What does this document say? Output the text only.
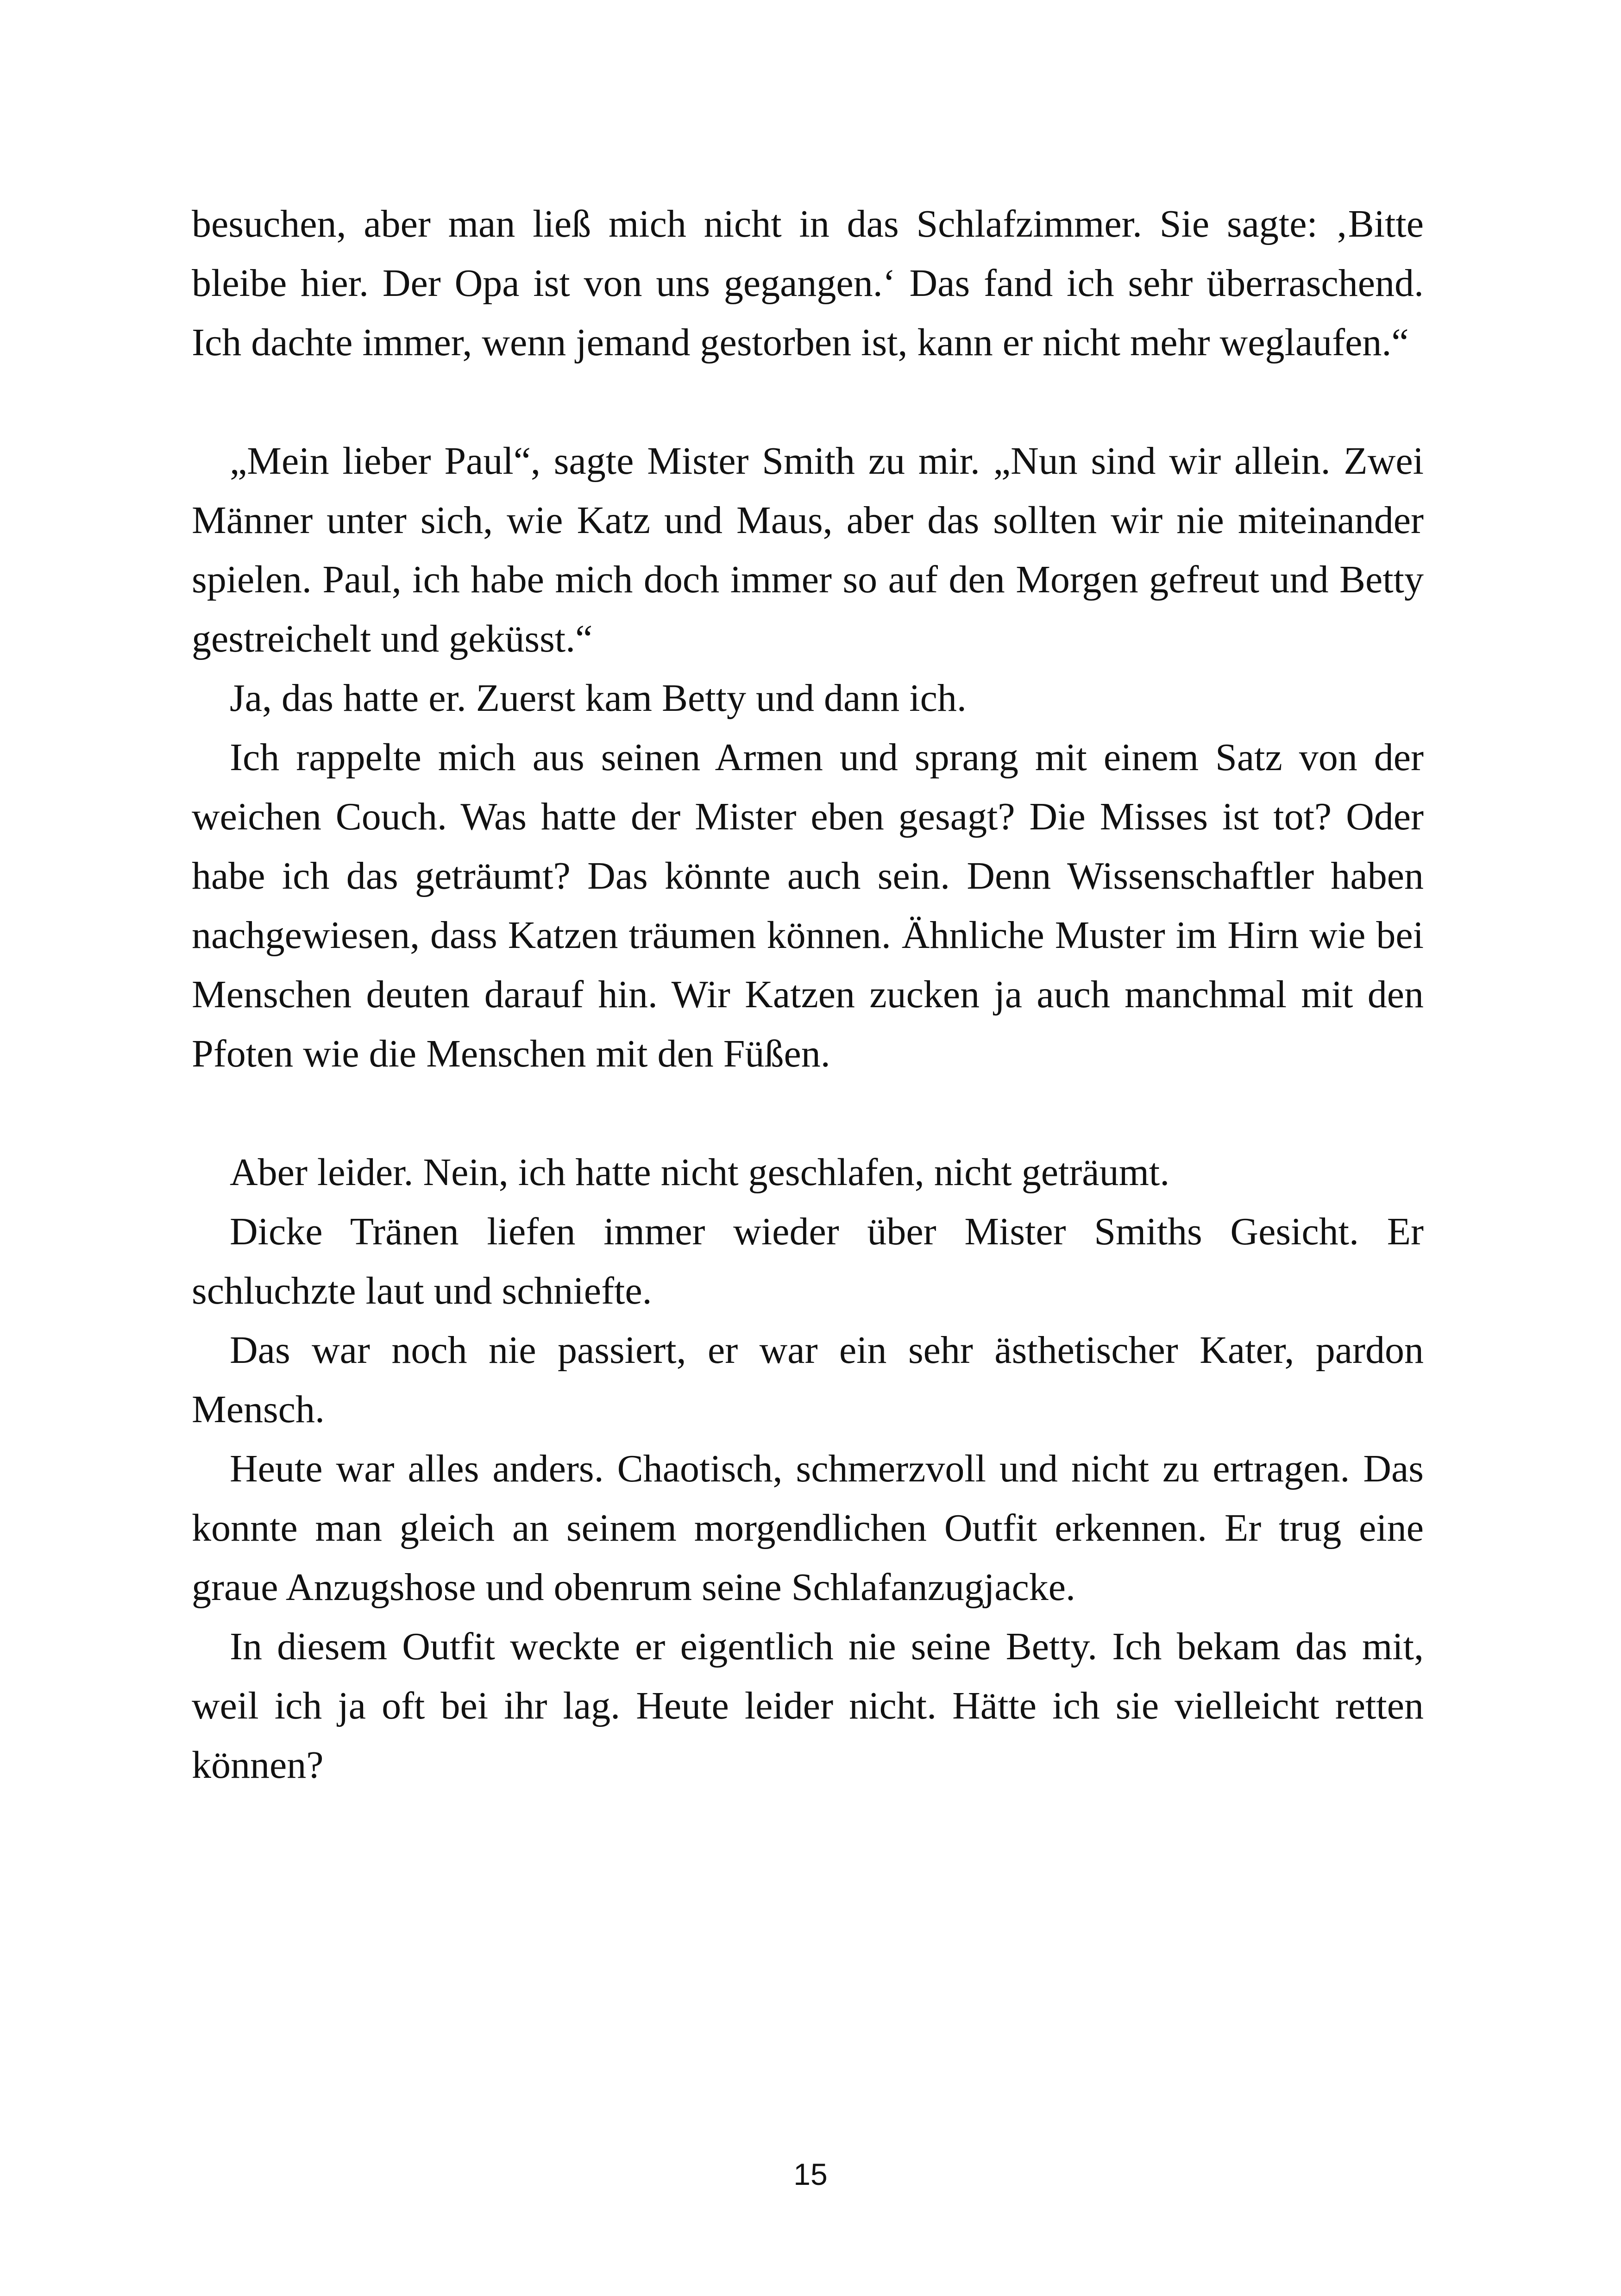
besuchen, aber man ließ mich nicht in das Schlafzimmer. Sie sagte: ‚Bitte bleibe hier. Der Opa ist von uns gegangen.‘ Das fand ich sehr überraschend. Ich dachte immer, wenn jemand gestorben ist, kann er nicht mehr weglaufen.“

„Mein lieber Paul“, sagte Mister Smith zu mir. „Nun sind wir allein. Zwei Männer unter sich, wie Katz und Maus, aber das sollten wir nie miteinander spielen. Paul, ich habe mich doch immer so auf den Morgen gefreut und Betty gestreichelt und geküsst.“

Ja, das hatte er. Zuerst kam Betty und dann ich.

Ich rappelte mich aus seinen Armen und sprang mit einem Satz von der weichen Couch. Was hatte der Mister eben gesagt? Die Misses ist tot? Oder habe ich das geträumt? Das könnte auch sein. Denn Wissenschaftler haben nachgewiesen, dass Katzen träumen können. Ähnliche Muster im Hirn wie bei Menschen deuten darauf hin. Wir Katzen zucken ja auch manchmal mit den Pfoten wie die Menschen mit den Füßen.

Aber leider. Nein, ich hatte nicht geschlafen, nicht geträumt.

Dicke Tränen liefen immer wieder über Mister Smiths Gesicht. Er schluchzte laut und schniefte.

Das war noch nie passiert, er war ein sehr ästhetischer Kater, pardon Mensch.

Heute war alles anders. Chaotisch, schmerzvoll und nicht zu ertragen. Das konnte man gleich an seinem morgendlichen Outfit erkennen. Er trug eine graue Anzugshose und obenrum seine Schlafanzugjacke.

In diesem Outfit weckte er eigentlich nie seine Betty. Ich bekam das mit, weil ich ja oft bei ihr lag. Heute leider nicht. Hätte ich sie vielleicht retten können?

15
